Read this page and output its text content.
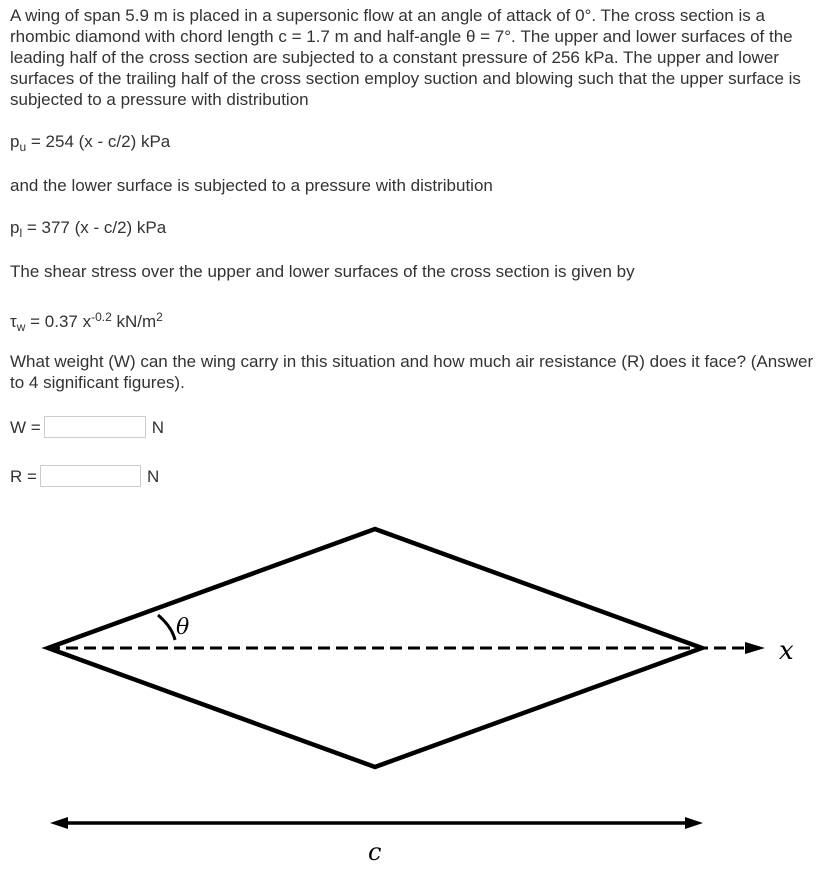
A wing of span 5.9 m is placed in a supersonic flow at an angle of attack of 0°. The cross section is a rhombic diamond with chord length c = 1.7 m and half-angle θ = 7°. The upper and lower surfaces of the leading half of the cross section are subjected to a constant pressure of 256 kPa. The upper and lower surfaces of the trailing half of the cross section employ suction and blowing such that the upper surface is subjected to a pressure with distribution

$p_u = 254$ (x - c/2) kPa

and the lower surface is subjected to a pressure with distribution

$p_l = 377$ (x - c/2) kPa

The shear stress over the upper and lower surfaces of the cross section is given by

$\tau_w = 0.37$ $x^{-0.2}$ $kN/m^2$

What weight (W) can the wing carry in this situation and how much air resistance (R) does it face? (Answer to 4 significant figures).

W =	N
R =	N
θ
x
c
